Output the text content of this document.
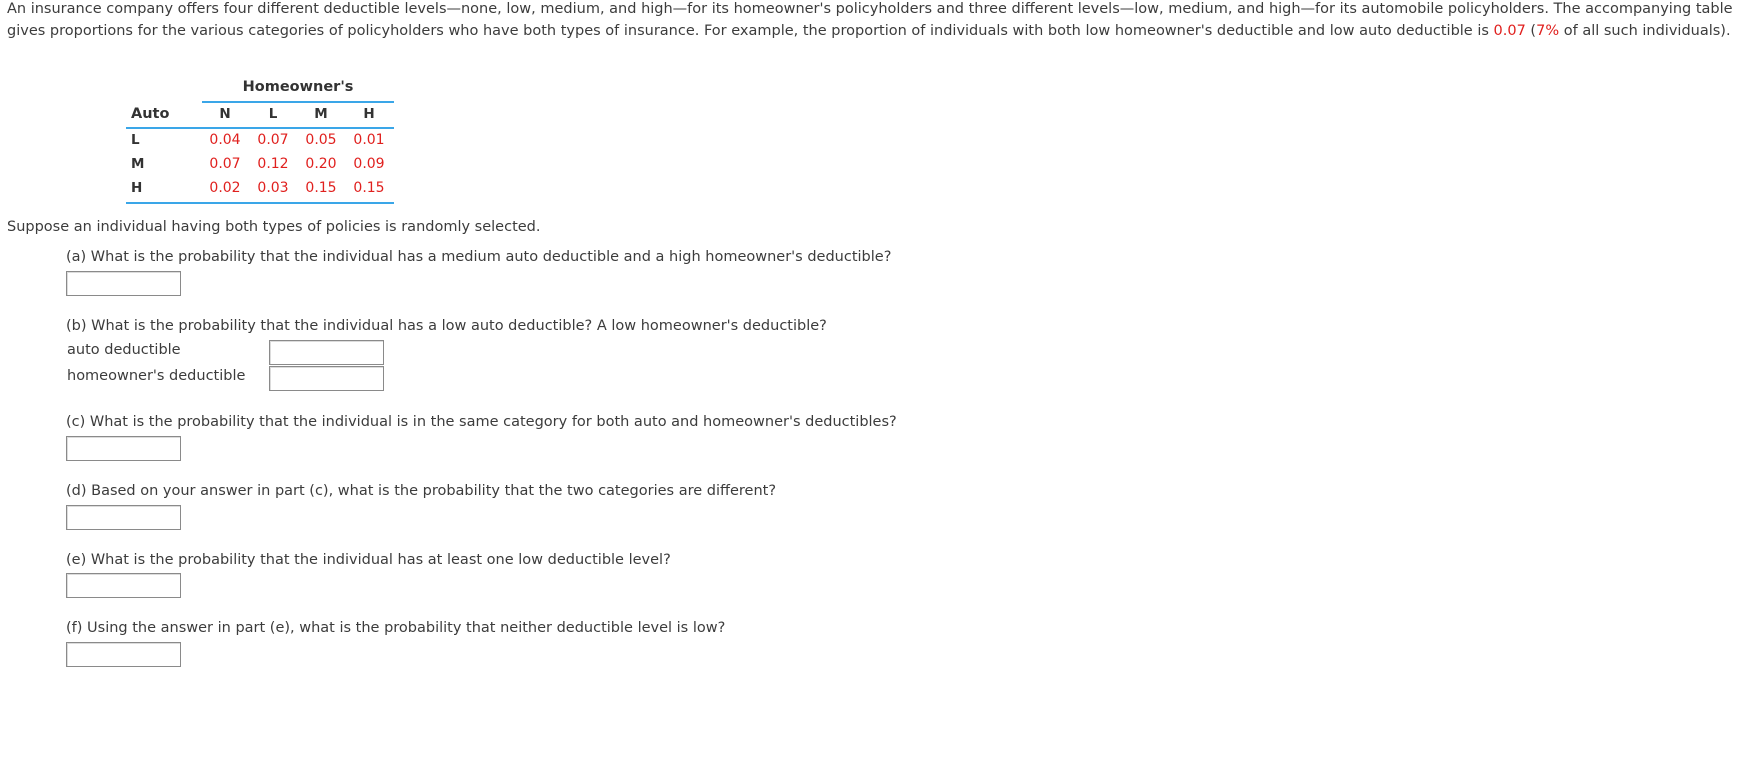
An insurance company offers four different deductible levels—none, low, medium, and high—for its homeowner's policyholders and three different levels—low, medium, and high—for its automobile policyholders. The accompanying table gives proportions for the various categories of policyholders who have both types of insurance. For example, the proportion of individuals with both low homeowner's deductible and low auto deductible is 0.07 (7% of all such individuals).
Homeowner's
Auto	N	L	M	H
L	0.04	0.07	0.05	0.01
M	0.07	0.12	0.20	0.09
H	0.02	0.03	0.15	0.15
Suppose an individual having both types of policies is randomly selected.
(a) What is the probability that the individual has a medium auto deductible and a high homeowner's deductible?
(b) What is the probability that the individual has a low auto deductible? A low homeowner's deductible?
auto deductible
homeowner's deductible
(c) What is the probability that the individual is in the same category for both auto and homeowner's deductibles?
(d) Based on your answer in part (c), what is the probability that the two categories are different?
(e) What is the probability that the individual has at least one low deductible level?
(f) Using the answer in part (e), what is the probability that neither deductible level is low?
